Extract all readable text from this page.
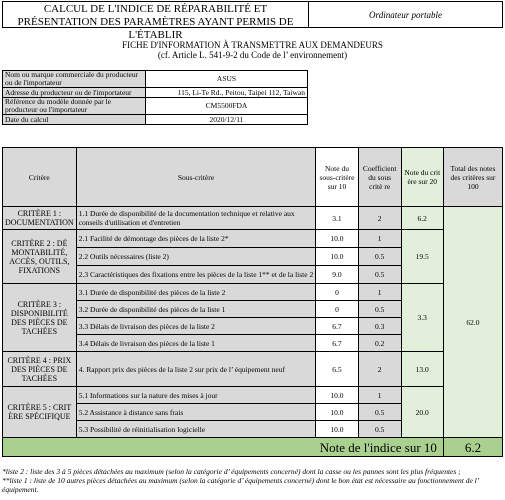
CALCUL DE L'INDICE DE RÉPARABILITÉ ET
PRÉSENTATION DES PARAMÈTRES AYANT PERMIS DE L'ÉTABLIR
Ordinateur portable
FICHE D'INFORMATION À TRANSMETTRE AUX DEMANDEURS
(cf. Article L. 541-9-2 du Code de l’ environnement)
Nom ou marque commerciale du producteur ou de l'importateur	ASUS
Adresse du producteur ou de l'importateur	115, Li-Te Rd., Peitou, Taipei 112, Taiwan
Référence du modèle donnée par le producteur ou l'importateur	CM5500FDA
Date du calcul	2020/12/11
Critère	Sous-critère	Note du sous-critère sur 10	Coefficient du sous critè re	Note du crit ère sur 20	Total des notes des critères sur 100
CRITÈRE 1 : DOCUMENTATION	1.1 Durée de disponibilité de la documentation technique et relative aux conseils d'utilisation et d'entretien	3.1	2	6.2	62.0
CRITÈRE 2 : DÉ MONTABILITÉ, ACCÈS, OUTILS, FIXATIONS	2.1 Facilité de démontage des pièces de la liste 2*	10.0	1	19.5	
	2.2 Outils nécessaires (liste 2)	10.0	0.5		
	2.3 Caractéristiques des fixations entre les pièces de la liste 1** et de la liste 2	9.0	0.5		
CRITÈRE 3 : DISPONIBILITÉ DES PIÈCES DE TACHÉES	3.1 Durée de disponibilité des pièces de la liste 2	0	1	3.3	
	3.2 Durée de disponibilité des pièces de la liste 1	0	0.5		
	3.3 Délais de livraison des pièces de la liste 2	6.7	0.3		
	3.4 Délais de livraison des pièces de la liste 1	6.7	0.2		
CRITÈRE 4 : PRIX DES PIÈCES DE TACHÉES	4. Rapport prix des pièces de la liste 2 sur prix de l’ équipement neuf	6.5	2	13.0	
CRITÈRE 5 : CRIT ÈRE SPÉCIFIQUE	5.1 Informations sur la nature des mises à jour	10.0	1	20.0	
	5.2 Assistance à distance sans frais	10.0	0.5		
	5.3 Possibilité de réinitialisation logicielle	10.0	0.5		
Note de l'indice sur 10					6.2
*liste 2 : liste des 3 à 5 pièces détachées au maximum (selon la catégorie d’ équipements concerné) dont la casse ou les pannes sont les plus fréquentes ;
**liste 1 : liste de 10 autres pièces détachées au maximum (selon la catégorie d’ équipements concerné) dont le bon état est nécessaire au fonctionnement de l’ équipement.
